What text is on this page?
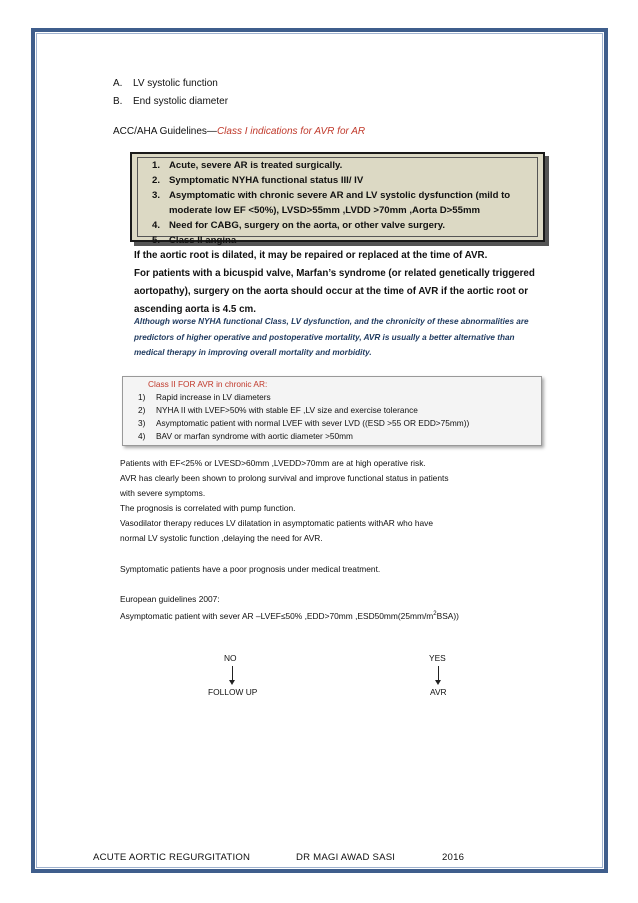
A. LV systolic function
B. End systolic diameter
ACC/AHA Guidelines—Class I indications for AVR for AR
1. Acute, severe AR is treated surgically.
2. Symptomatic NYHA functional status III/ IV
3. Asymptomatic with chronic severe AR and LV systolic dysfunction (mild to moderate low EF <50%), LVSD>55mm ,LVDD >70mm ,Aorta D>55mm
4. Need for CABG, surgery on the aorta, or other valve surgery.
5. Class II angina
If the aortic root is dilated, it may be repaired or replaced at the time of AVR.
For patients with a bicuspid valve, Marfan’s syndrome (or related genetically triggered aortopathy), surgery on the aorta should occur at the time of AVR if the aortic root or ascending aorta is 4.5 cm.
Although worse NYHA functional Class, LV dysfunction, and the chronicity of these abnormalities are predictors of higher operative and postoperative mortality, AVR is usually a better alternative than medical therapy in improving overall mortality and morbidity.
Class II FOR AVR in chronic AR:
1)	Rapid increase in LV diameters
2)	NYHA II with LVEF>50% with stable EF ,LV size and exercise tolerance
3)	Asymptomatic patient with normal LVEF with sever LVD ((ESD >55 OR EDD>75mm))
4)	BAV or marfan syndrome with aortic diameter >50mm
Patients with EF<25% or LVESD>60mm ,LVEDD>70mm are at high operative risk.
AVR has clearly been shown to prolong survival and improve functional status in patients
with severe symptoms.
The prognosis is correlated with pump function.
Vasodilator therapy reduces LV dilatation in asymptomatic patients withAR who have
normal LV systolic function ,delaying the need for AVR.
Symptomatic patients have a poor prognosis under medical treatment.
European guidelines 2007:
Asymptomatic patient with sever AR –LVEF≤50% ,EDD>70mm $,ESD50mm(25mm/m^2BSA)$)
NO	YES
FOLLOW UP	AVR
ACUTE AORTIC REGURGITATION	DR MAGI AWAD SASI	2016
